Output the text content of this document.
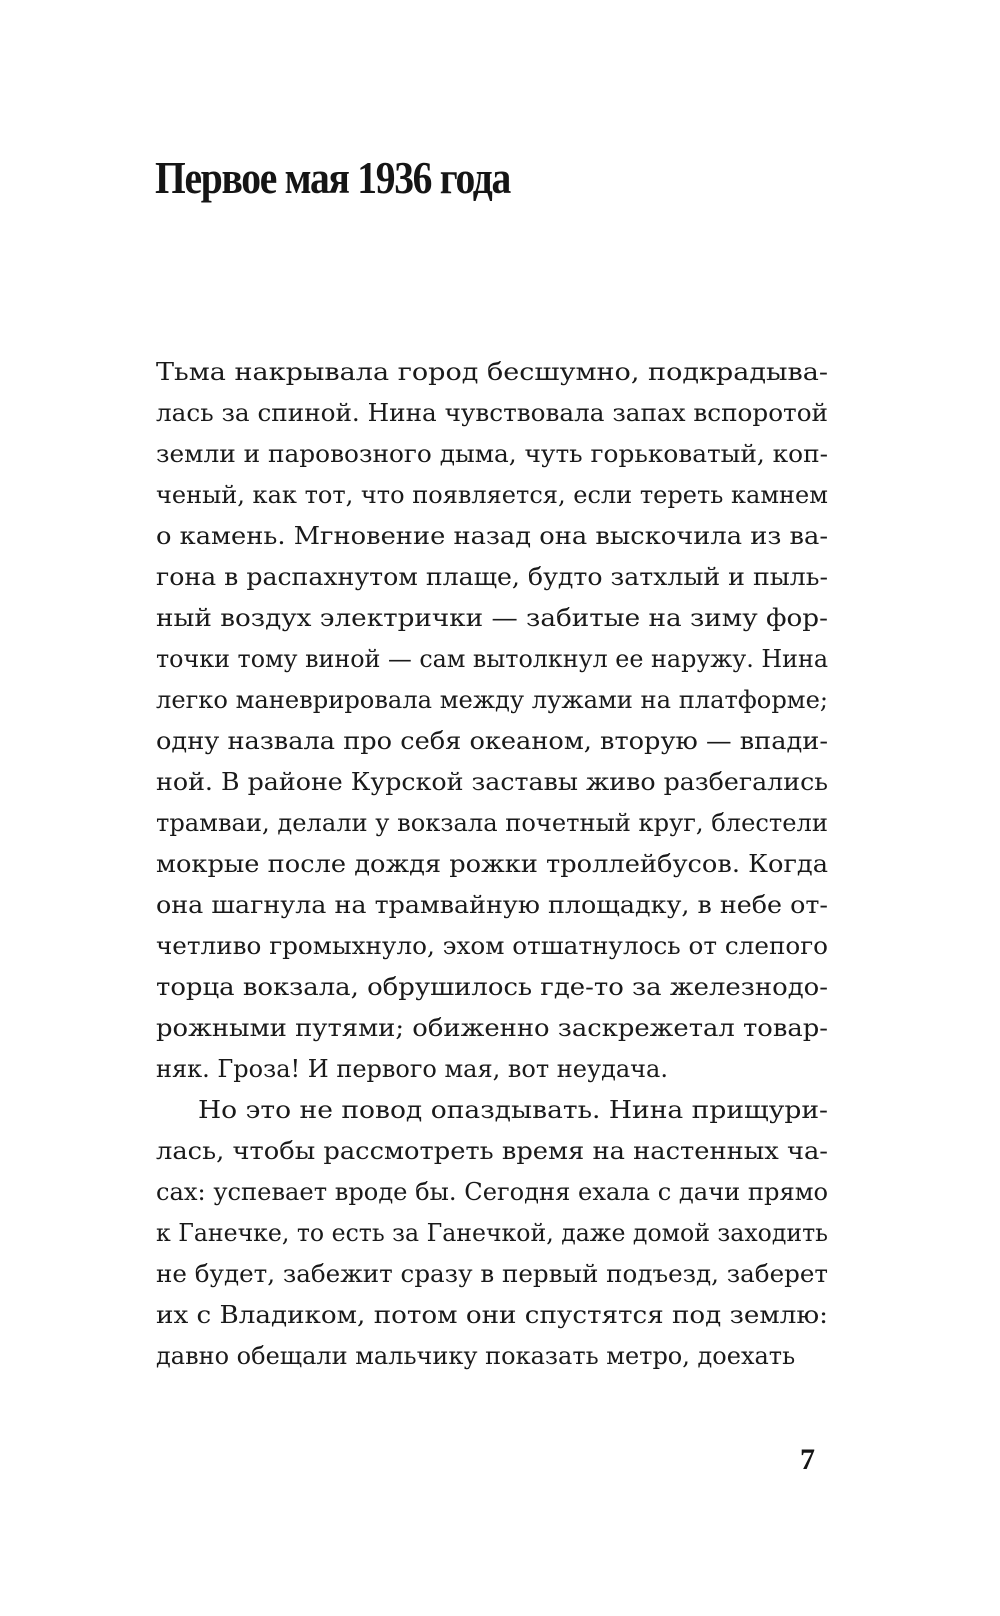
Первое мая 1936 года
Тьма накрывала город бесшумно, подкрадыва-
лась за спиной. Нина чувствовала запах вспоротой
земли и паровозного дыма, чуть горьковатый, коп-
ченый, как тот, что появляется, если тереть камнем
о камень. Мгновение назад она выскочила из ва-
гона в распахнутом плаще, будто затхлый и пыль-
ный воздух электрички — забитые на зиму фор-
точки тому виной — сам вытолкнул ее наружу. Нина
легко маневрировала между лужами на платформе;
одну назвала про себя океаном, вторую — впади-
ной. В районе Курской заставы живо разбегались
трамваи, делали у вокзала почетный круг, блестели
мокрые после дождя рожки троллейбусов. Когда
она шагнула на трамвайную площадку, в небе от-
четливо громыхнуло, эхом отшатнулось от слепого
торца вокзала, обрушилось где-то за железнодо-
рожными путями; обиженно заскрежетал товар-
няк. Гроза! И первого мая, вот неудача.
Но это не повод опаздывать. Нина прищури-
лась, чтобы рассмотреть время на настенных ча-
сах: успевает вроде бы. Сегодня ехала с дачи прямо
к Ганечке, то есть за Ганечкой, даже домой заходить
не будет, забежит сразу в первый подъезд, заберет
их с Владиком, потом они спустятся под землю:
давно обещали мальчику показать метро, доехать
7
